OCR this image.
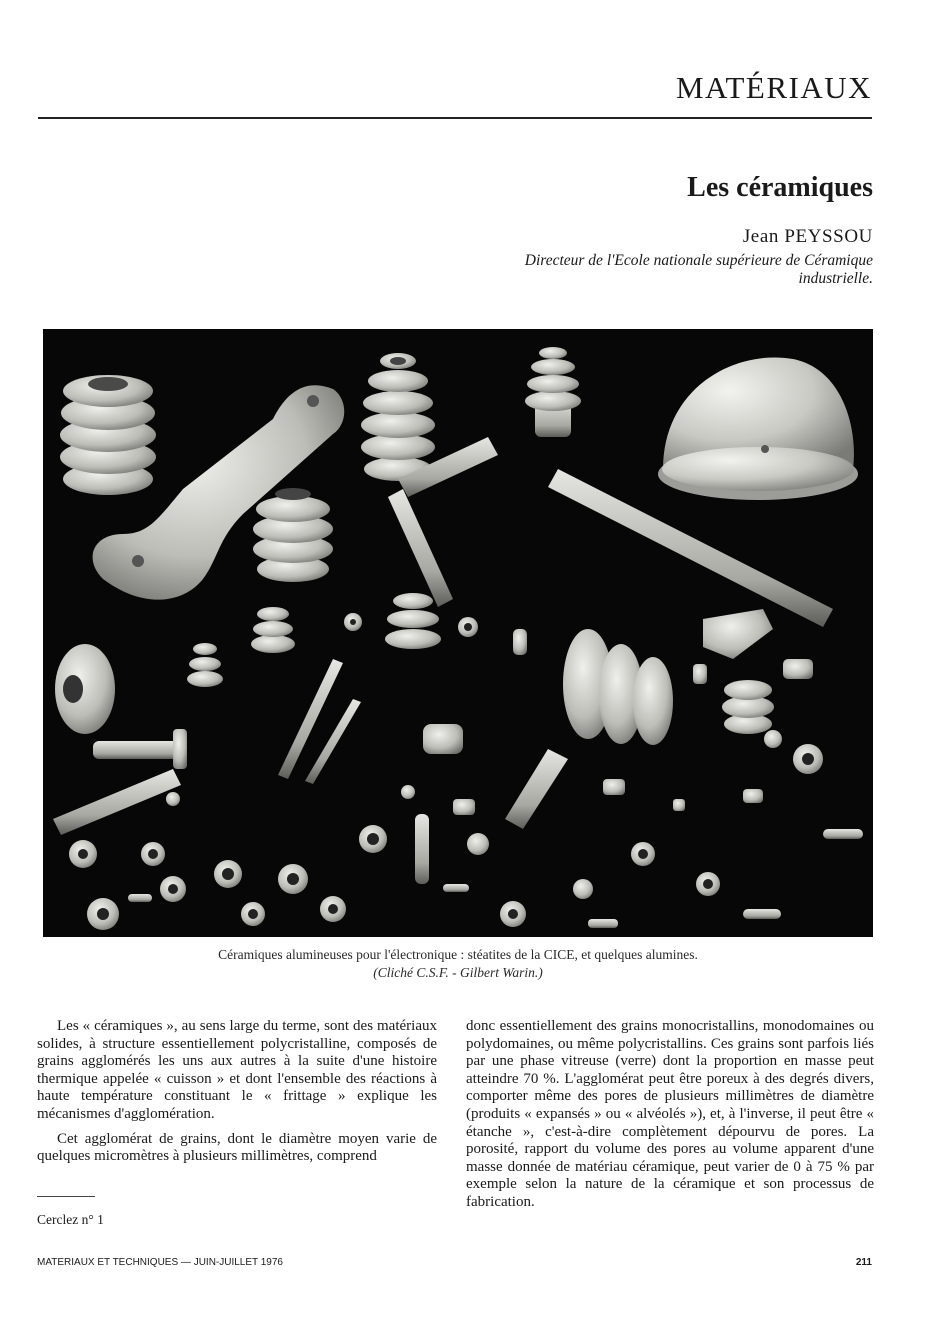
MATÉRIAUX
Les céramiques
Jean PEYSSOU
Directeur de l'Ecole nationale supérieure de Céramique industrielle.
Céramiques alumineuses pour l'électronique : stéatites de la CICE, et quelques alumines.
(Cliché C.S.F. - Gilbert Warin.)

Les « céramiques », au sens large du terme, sont des matériaux solides, à structure essentiellement polycristalline, composés de grains agglomérés les uns aux autres à la suite d'une histoire thermique appelée « cuisson » et dont l'ensemble des réactions à haute température constituant le « frittage » explique les mécanismes d'agglomération.

Cet agglomérat de grains, dont le diamètre moyen varie de quelques micromètres à plusieurs millimètres, comprend

donc essentiellement des grains monocristallins, monodomaines ou polydomaines, ou même polycristallins. Ces grains sont parfois liés par une phase vitreuse (verre) dont la proportion en masse peut atteindre 70 %. L'agglomérat peut être poreux à des degrés divers, comporter même des pores de plusieurs millimètres de diamètre (produits « expansés » ou « alvéolés »), et, à l'inverse, il peut être « étanche », c'est-à-dire complètement dépourvu de pores. La porosité, rapport du volume des pores au volume apparent d'une masse donnée de matériau céramique, peut varier de 0 à 75 % par exemple selon la nature de la céramique et son processus de fabrication.

Cerclez n° 1
MATERIAUX ET TECHNIQUES — JUIN-JUILLET 1976	211
